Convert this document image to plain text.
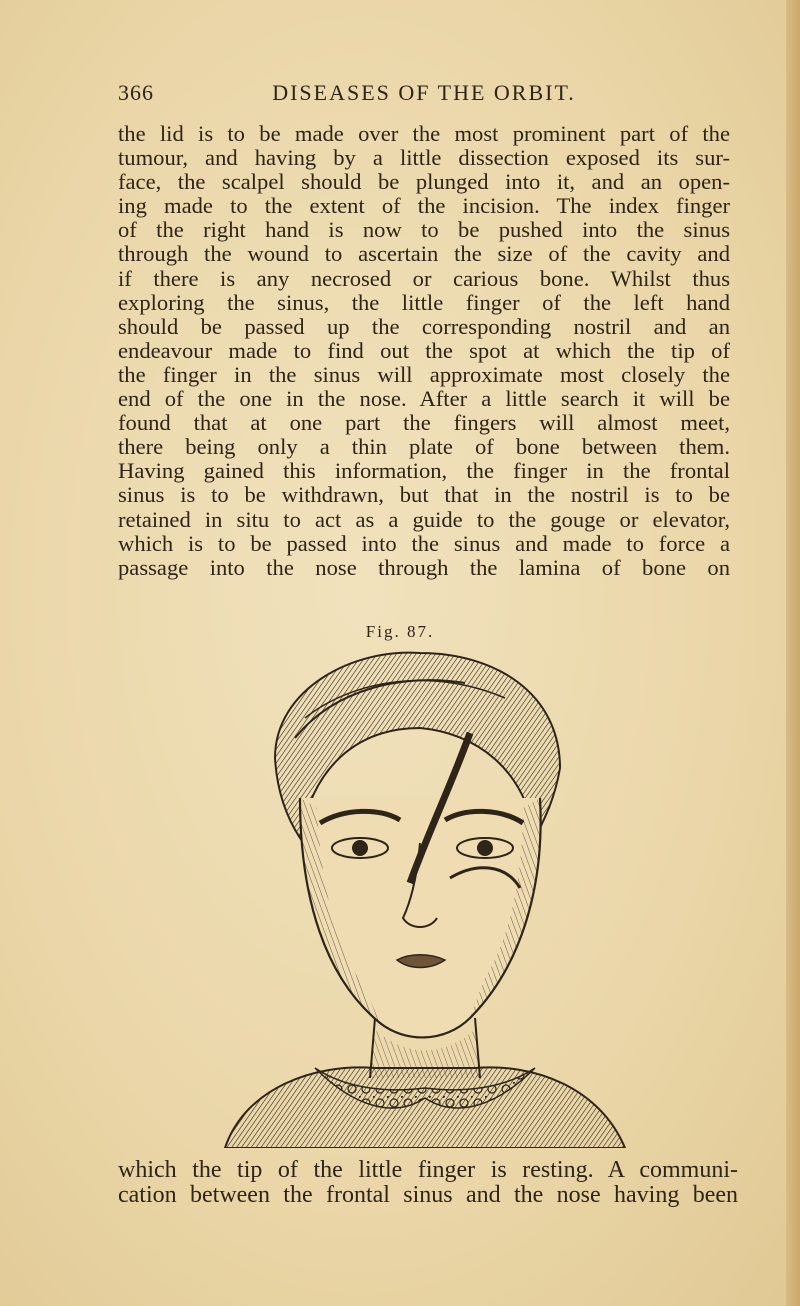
366	DISEASES OF THE ORBIT.
the lid is to be made over the most prominent part of the
tumour, and having by a little dissection exposed its sur-
face, the scalpel should be plunged into it, and an open-
ing made to the extent of the incision. The index finger
of the right hand is now to be pushed into the sinus
through the wound to ascertain the size of the cavity and
if there is any necrosed or carious bone. Whilst thus
exploring the sinus, the little finger of the left hand
should be passed up the corresponding nostril and an
endeavour made to find out the spot at which the tip of
the finger in the sinus will approximate most closely the
end of the one in the nose. After a little search it will be
found that at one part the fingers will almost meet,
there being only a thin plate of bone between them.
Having gained this information, the finger in the frontal
sinus is to be withdrawn, but that in the nostril is to be
retained in situ to act as a guide to the gouge or elevator,
which is to be passed into the sinus and made to force a
passage into the nose through the lamina of bone on
Fig. 87.
which the tip of the little finger is resting. A communi-
cation between the frontal sinus and the nose having been
